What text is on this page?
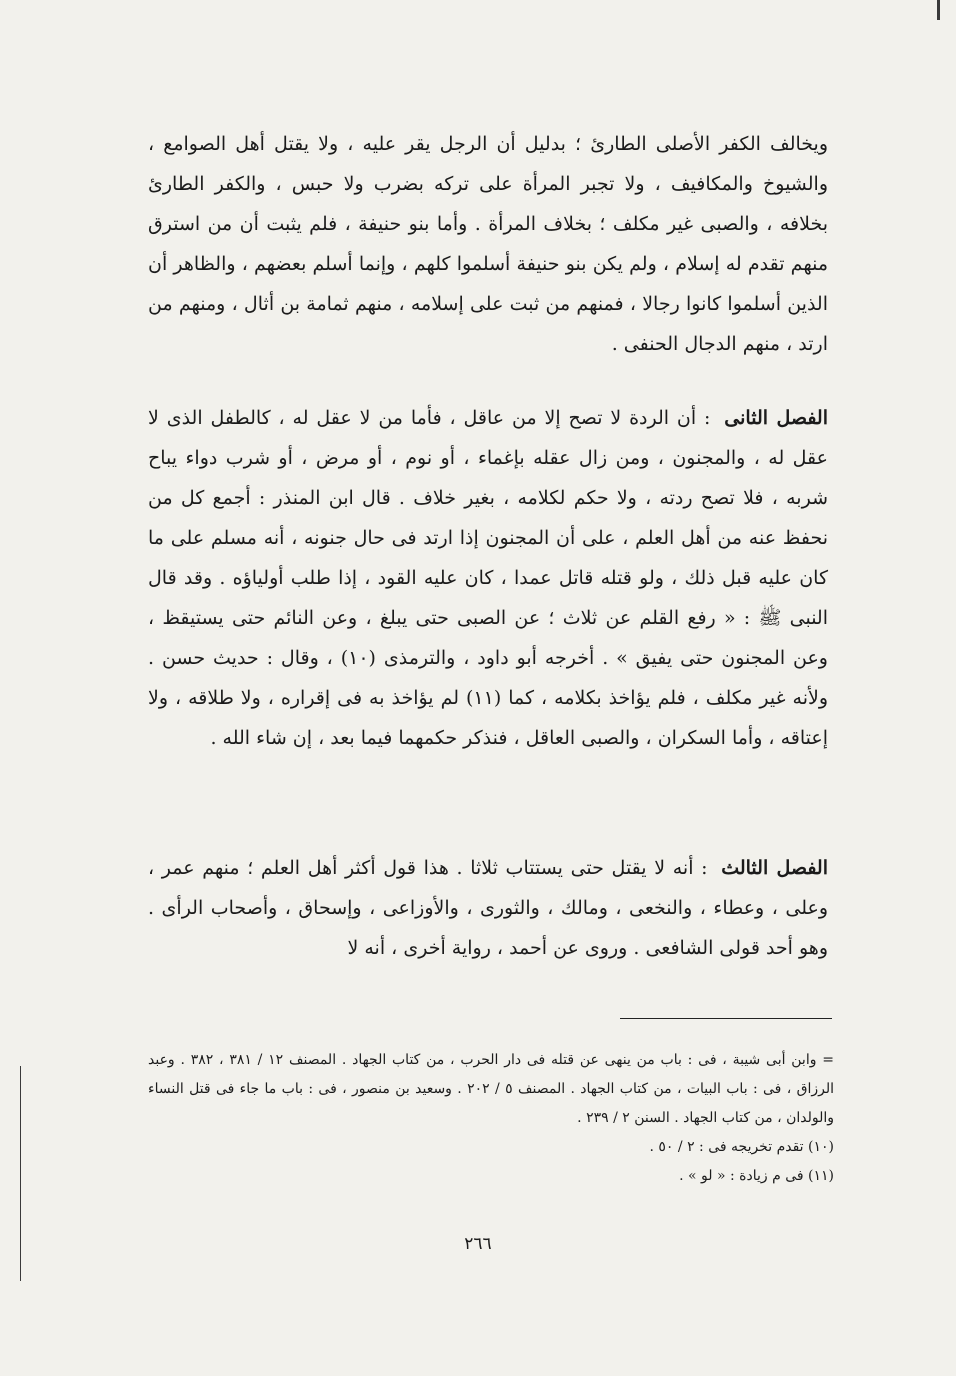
ويخالف الكفر الأصلى الطارئ ؛ بدليل أن الرجل يقر عليه ، ولا يقتل أهل الصوامع ، والشيوخ والمكافيف ، ولا تجبر المرأة على تركه بضرب ولا حبس ، والكفر الطارئ بخلافه ، والصبى غير مكلف ؛ بخلاف المرأة . وأما بنو حنيفة ، فلم يثبت أن من استرق منهم تقدم له إسلام ، ولم يكن بنو حنيفة أسلموا كلهم ، وإنما أسلم بعضهم ، والظاهر أن الذين أسلموا كانوا رجالا ، فمنهم من ثبت على إسلامه ، منهم ثمامة بن أثال ، ومنهم من ارتد ، منهم الدجال الحنفى .

الفصل الثانى : أن الردة لا تصح إلا من عاقل ، فأما من لا عقل له ، كالطفل الذى لا عقل له ، والمجنون ، ومن زال عقله بإغماء ، أو نوم ، أو مرض ، أو شرب دواء يباح شربه ، فلا تصح ردته ، ولا حكم لكلامه ، بغير خلاف . قال ابن المنذر : أجمع كل من نحفظ عنه من أهل العلم ، على أن المجنون إذا ارتد فى حال جنونه ، أنه مسلم على ما كان عليه قبل ذلك ، ولو قتله قاتل عمدا ، كان عليه القود ، إذا طلب أولياؤه . وقد قال النبى ﷺ : « رفع القلم عن ثلاث ؛ عن الصبى حتى يبلغ ، وعن النائم حتى يستيقظ ، وعن المجنون حتى يفيق » . أخرجه أبو داود ، والترمذى (١٠) ، وقال : حديث حسن . ولأنه غير مكلف ، فلم يؤاخذ بكلامه ، كما (١١) لم يؤاخذ به فى إقراره ، ولا طلاقه ، ولا إعتاقه ، وأما السكران ، والصبى العاقل ، فنذكر حكمهما فيما بعد ، إن شاء الله .

الفصل الثالث : أنه لا يقتل حتى يستتاب ثلاثا . هذا قول أكثر أهل العلم ؛ منهم عمر ، وعلى ، وعطاء ، والنخعى ، ومالك ، والثورى ، والأوزاعى ، وإسحاق ، وأصحاب الرأى . وهو أحد قولى الشافعى . وروى عن أحمد ، رواية أخرى ، أنه لا

= وابن أبى شيبة ، فى : باب من ينهى عن قتله فى دار الحرب ، من كتاب الجهاد . المصنف ١٢ / ٣٨١ ، ٣٨٢ . وعبد الرزاق ، فى : باب البيات ، من كتاب الجهاد . المصنف ٥ / ٢٠٢ . وسعيد بن منصور ، فى : باب ما جاء فى قتل النساء والولدان ، من كتاب الجهاد . السنن ٢ / ٢٣٩ .

(١٠) تقدم تخريجه فى : ٢ / ٥٠ .

(١١) فى م زيادة : « لو » .

٢٦٦
